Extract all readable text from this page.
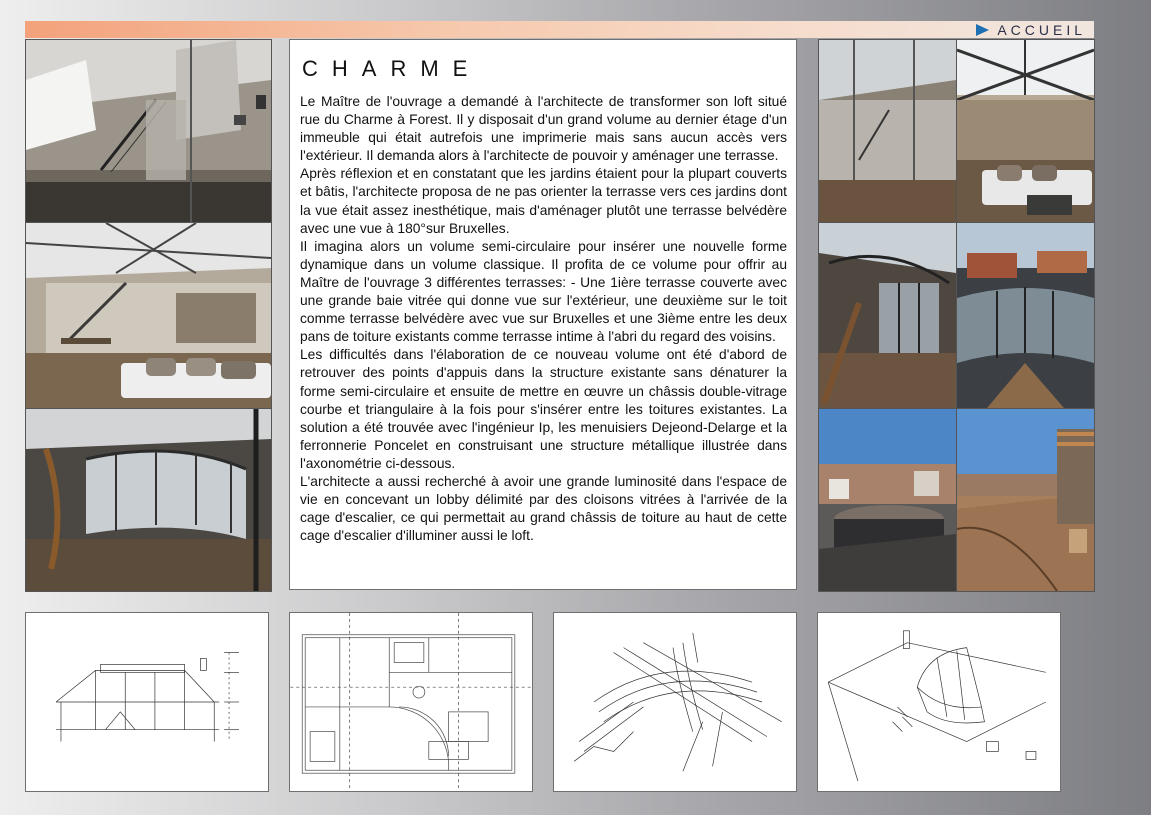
ACCUEIL
CHARME

Le Maître de l'ouvrage a demandé à l'architecte de transformer son loft situé rue du Charme à Forest. Il y disposait d'un grand volume au dernier étage d'un immeuble qui était autrefois une imprimerie mais sans aucun accès vers l'extérieur. Il demanda alors à l'architecte de pouvoir y aménager une terrasse.

Après réflexion et en constatant que les jardins étaient pour la plupart couverts et bâtis, l'architecte proposa de ne pas orienter la terrasse vers ces jardins dont la vue était assez inesthétique, mais d'aménager plutôt une terrasse belvédère avec une vue à 180°sur Bruxelles.

Il imagina alors un volume semi-circulaire pour insérer une nouvelle forme dynamique dans un volume classique. Il profita de ce volume pour offrir au Maître de l'ouvrage 3 différentes terrasses: - Une 1ière terrasse couverte avec une grande baie vitrée qui donne vue sur l'extérieur, une deuxième sur le toit comme terrasse belvédère avec vue sur Bruxelles et une 3ième entre les deux pans de toiture existants comme terrasse intime à l'abri du regard des voisins.

Les difficultés dans l'élaboration de ce nouveau volume ont été d'abord de retrouver des points d'appuis dans la structure existante sans dénaturer la forme semi-circulaire et ensuite de mettre en œuvre un châssis double-vitrage courbe et triangulaire à la fois pour s'insérer entre les toitures existantes. La solution a été trouvée avec l'ingénieur Ip, les menuisiers Dejeond-Delarge et la ferronnerie Poncelet en construisant une structure métallique illustrée dans l'axonométrie ci-dessous.

L'architecte a aussi recherché à avoir une grande luminosité dans l'espace de vie en concevant un lobby délimité par des cloisons vitrées à l'arrivée de la cage d'escalier, ce qui permettait au grand châssis de toiture au haut de cette cage d'escalier d'illuminer aussi le loft.
